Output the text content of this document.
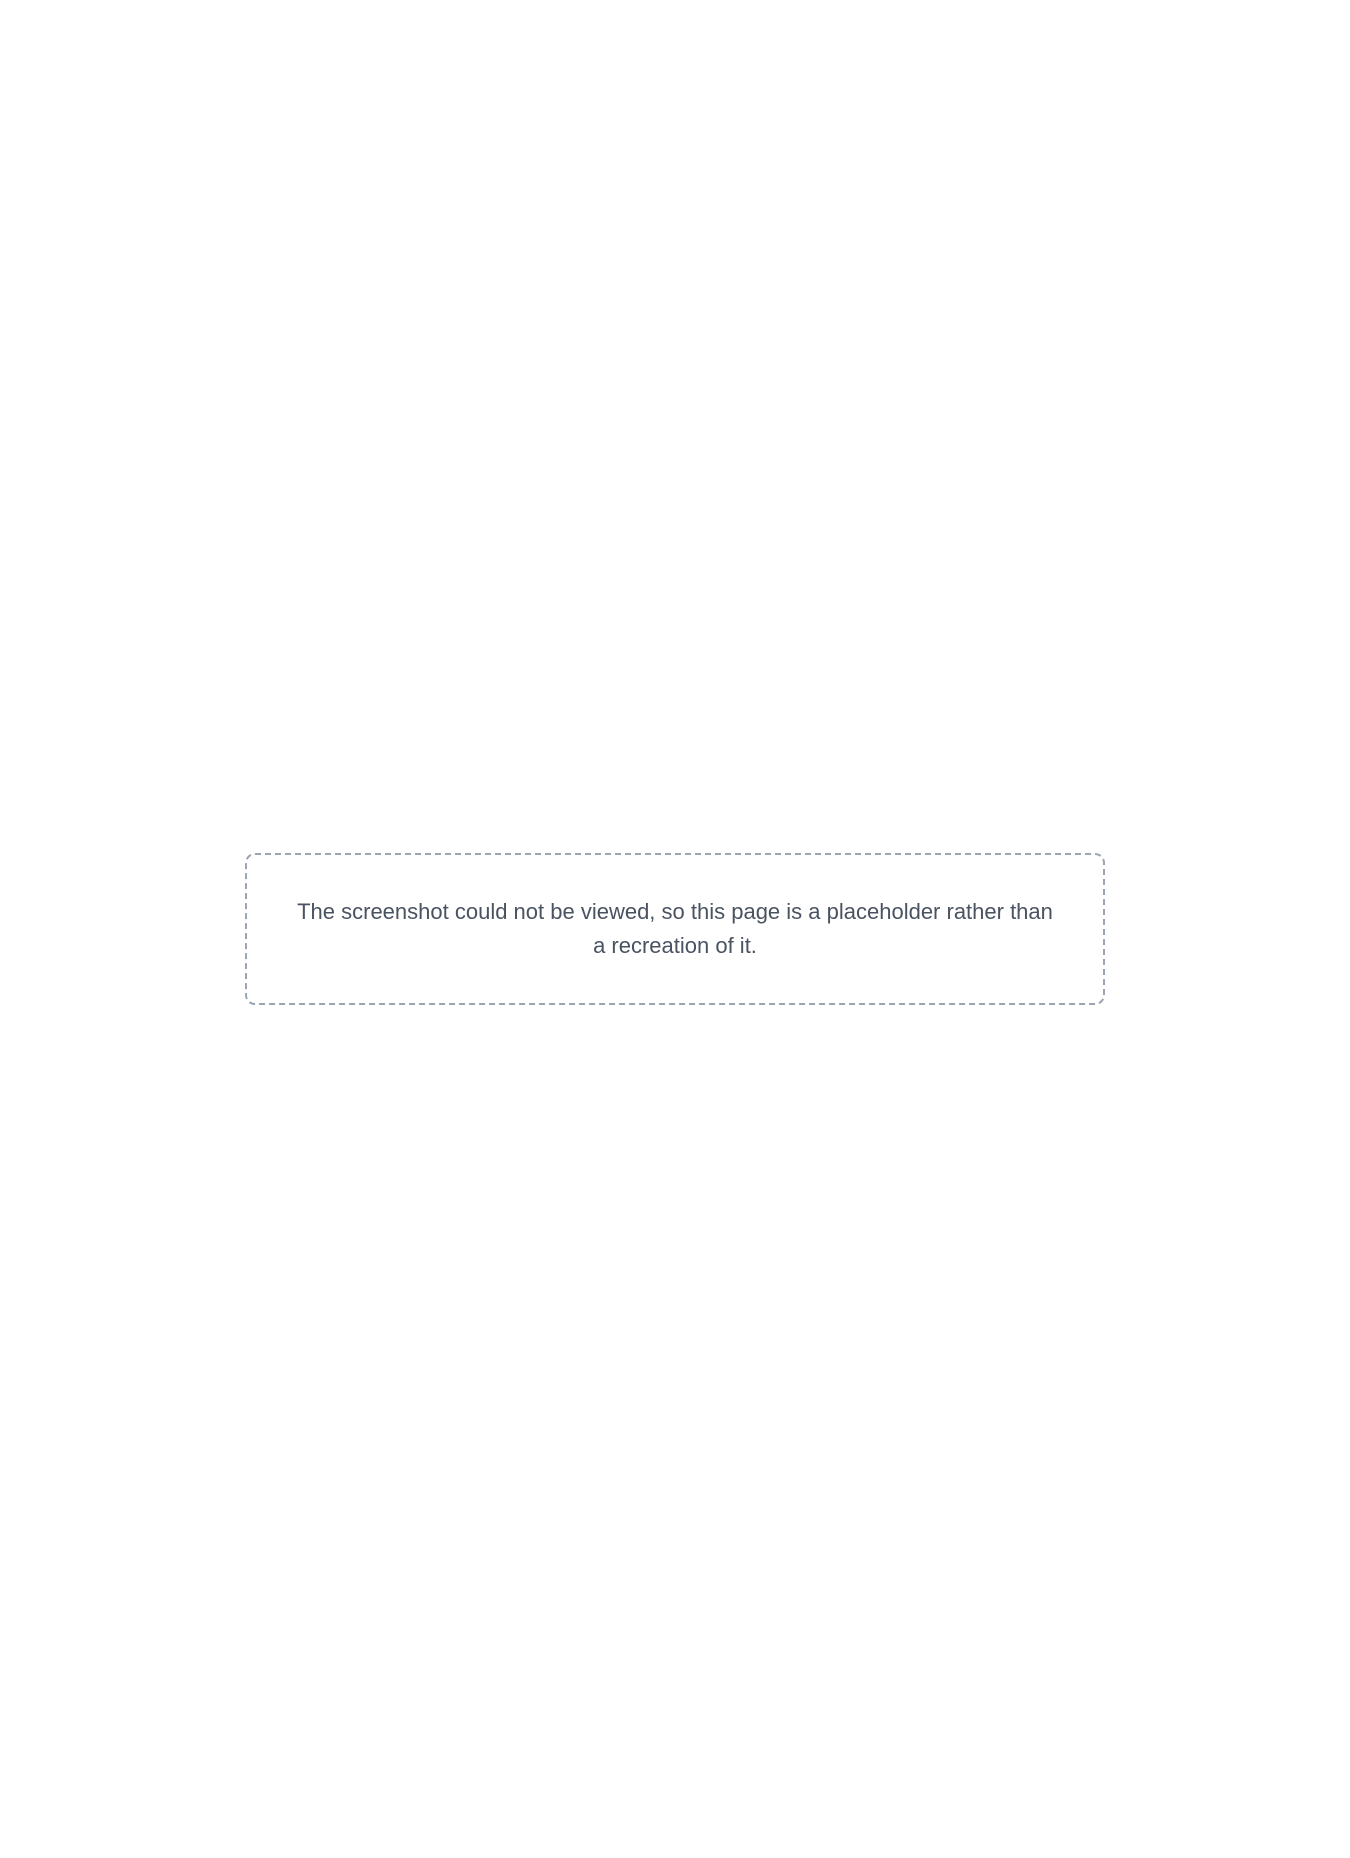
The screenshot could not be viewed, so this page is a placeholder rather than a recreation of it.
